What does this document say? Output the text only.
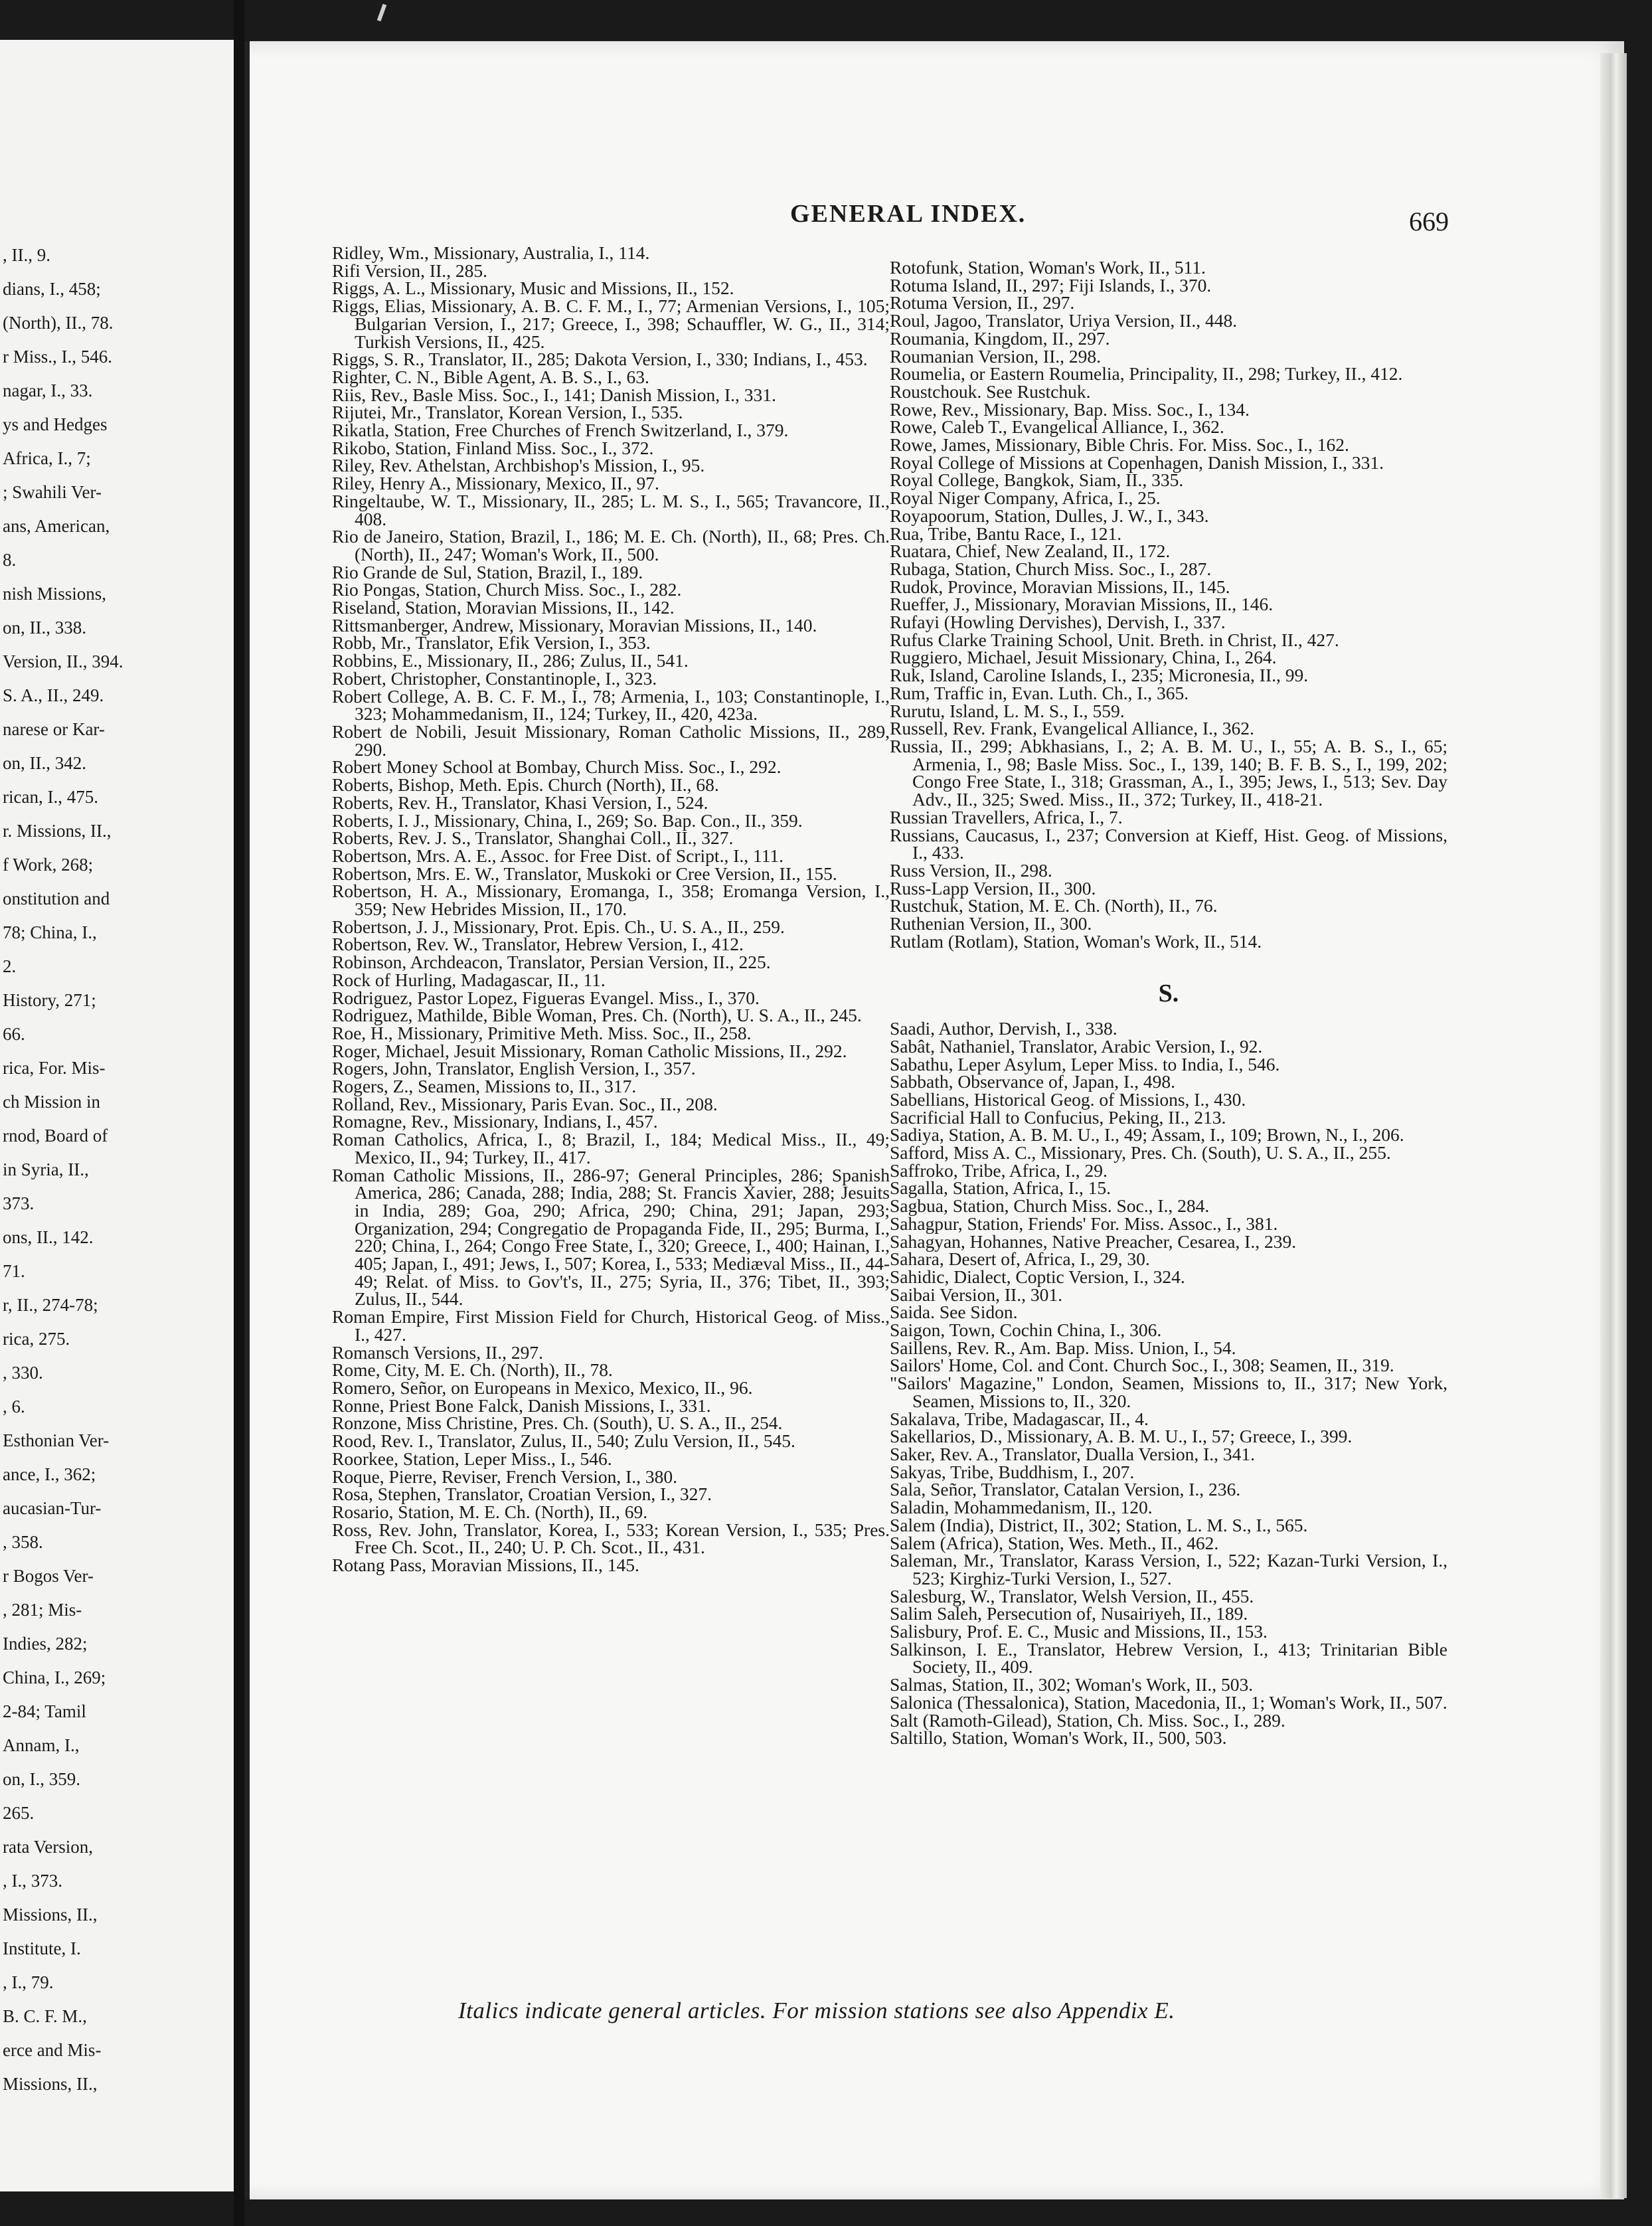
, II., 9.
dians, I., 458;
(North), II., 78.
r Miss., I., 546.
nagar, I., 33.
ys and Hedges
Africa, I., 7;
; Swahili Ver-
ans, American,
8.
nish Missions,
on, II., 338.
Version, II., 394.
S. A., II., 249.
narese or Kar-
on, II., 342.
rican, I., 475.
r. Missions, II.,
f Work, 268;
onstitution and
78; China, I.,
2.
History, 271;
66.
rica, For. Mis-
ch Mission in
rnod, Board of
in Syria, II.,
373.
ons, II., 142.
71.
r, II., 274-78;
rica, 275.
, 330.
, 6.
Esthonian Ver-
ance, I., 362;
aucasian-Tur-
, 358.
r Bogos Ver-
, 281; Mis-
Indies, 282;
China, I., 269;
2-84; Tamil
Annam, I.,
on, I., 359.
265.
rata Version,
, I., 373.
Missions, II.,
Institute, I.
, I., 79.
B. C. F. M.,
erce and Mis-
Missions, II.,
GENERAL INDEX.	669

Ridley, Wm., Missionary, Australia, I., 114.

Rifi Version, II., 285.

Riggs, A. L., Missionary, Music and Missions, II., 152.

Riggs, Elias, Missionary, A. B. C. F. M., I., 77; Armenian Versions, I., 105; Bulgarian Version, I., 217; Greece, I., 398; Schauffler, W. G., II., 314; Turkish Versions, II., 425.

Riggs, S. R., Translator, II., 285; Dakota Version, I., 330; Indians, I., 453.

Righter, C. N., Bible Agent, A. B. S., I., 63.

Riis, Rev., Basle Miss. Soc., I., 141; Danish Mission, I., 331.

Rijutei, Mr., Translator, Korean Version, I., 535.

Rikatla, Station, Free Churches of French Switzerland, I., 379.

Rikobo, Station, Finland Miss. Soc., I., 372.

Riley, Rev. Athelstan, Archbishop's Mission, I., 95.

Riley, Henry A., Missionary, Mexico, II., 97.

Ringeltaube, W. T., Missionary, II., 285; L. M. S., I., 565; Travancore, II., 408.

Rio de Janeiro, Station, Brazil, I., 186; M. E. Ch. (North), II., 68; Pres. Ch. (North), II., 247; Woman's Work, II., 500.

Rio Grande de Sul, Station, Brazil, I., 189.

Rio Pongas, Station, Church Miss. Soc., I., 282.

Riseland, Station, Moravian Missions, II., 142.

Rittsmanberger, Andrew, Missionary, Moravian Missions, II., 140.

Robb, Mr., Translator, Efik Version, I., 353.

Robbins, E., Missionary, II., 286; Zulus, II., 541.

Robert, Christopher, Constantinople, I., 323.

Robert College, A. B. C. F. M., I., 78; Armenia, I., 103; Constantinople, I., 323; Mohammedanism, II., 124; Turkey, II., 420, 423a.

Robert de Nobili, Jesuit Missionary, Roman Catholic Missions, II., 289, 290.

Robert Money School at Bombay, Church Miss. Soc., I., 292.

Roberts, Bishop, Meth. Epis. Church (North), II., 68.

Roberts, Rev. H., Translator, Khasi Version, I., 524.

Roberts, I. J., Missionary, China, I., 269; So. Bap. Con., II., 359.

Roberts, Rev. J. S., Translator, Shanghai Coll., II., 327.

Robertson, Mrs. A. E., Assoc. for Free Dist. of Script., I., 111.

Robertson, Mrs. E. W., Translator, Muskoki or Cree Version, II., 155.

Robertson, H. A., Missionary, Eromanga, I., 358; Eromanga Version, I., 359; New Hebrides Mission, II., 170.

Robertson, J. J., Missionary, Prot. Epis. Ch., U. S. A., II., 259.

Robertson, Rev. W., Translator, Hebrew Version, I., 412.

Robinson, Archdeacon, Translator, Persian Version, II., 225.

Rock of Hurling, Madagascar, II., 11.

Rodriguez, Pastor Lopez, Figueras Evangel. Miss., I., 370.

Rodriguez, Mathilde, Bible Woman, Pres. Ch. (North), U. S. A., II., 245.

Roe, H., Missionary, Primitive Meth. Miss. Soc., II., 258.

Roger, Michael, Jesuit Missionary, Roman Catholic Missions, II., 292.

Rogers, John, Translator, English Version, I., 357.

Rogers, Z., Seamen, Missions to, II., 317.

Rolland, Rev., Missionary, Paris Evan. Soc., II., 208.

Romagne, Rev., Missionary, Indians, I., 457.

Roman Catholics, Africa, I., 8; Brazil, I., 184; Medical Miss., II., 49; Mexico, II., 94; Turkey, II., 417.

Roman Catholic Missions, II., 286-97; General Principles, 286; Spanish America, 286; Canada, 288; India, 288; St. Francis Xavier, 288; Jesuits in India, 289; Goa, 290; Africa, 290; China, 291; Japan, 293; Organization, 294; Congregatio de Propaganda Fide, II., 295; Burma, I., 220; China, I., 264; Congo Free State, I., 320; Greece, I., 400; Hainan, I., 405; Japan, I., 491; Jews, I., 507; Korea, I., 533; Mediæval Miss., II., 44-49; Relat. of Miss. to Gov't's, II., 275; Syria, II., 376; Tibet, II., 393; Zulus, II., 544.

Roman Empire, First Mission Field for Church, Historical Geog. of Miss., I., 427.

Romansch Versions, II., 297.

Rome, City, M. E. Ch. (North), II., 78.

Romero, Señor, on Europeans in Mexico, Mexico, II., 96.

Ronne, Priest Bone Falck, Danish Missions, I., 331.

Ronzone, Miss Christine, Pres. Ch. (South), U. S. A., II., 254.

Rood, Rev. I., Translator, Zulus, II., 540; Zulu Version, II., 545.

Roorkee, Station, Leper Miss., I., 546.

Roque, Pierre, Reviser, French Version, I., 380.

Rosa, Stephen, Translator, Croatian Version, I., 327.

Rosario, Station, M. E. Ch. (North), II., 69.

Ross, Rev. John, Translator, Korea, I., 533; Korean Version, I., 535; Pres. Free Ch. Scot., II., 240; U. P. Ch. Scot., II., 431.

Rotang Pass, Moravian Missions, II., 145.

Rotofunk, Station, Woman's Work, II., 511.

Rotuma Island, II., 297; Fiji Islands, I., 370.

Rotuma Version, II., 297.

Roul, Jagoo, Translator, Uriya Version, II., 448.

Roumania, Kingdom, II., 297.

Roumanian Version, II., 298.

Roumelia, or Eastern Roumelia, Principality, II., 298; Turkey, II., 412.

Roustchouk. See Rustchuk.

Rowe, Rev., Missionary, Bap. Miss. Soc., I., 134.

Rowe, Caleb T., Evangelical Alliance, I., 362.

Rowe, James, Missionary, Bible Chris. For. Miss. Soc., I., 162.

Royal College of Missions at Copenhagen, Danish Mission, I., 331.

Royal College, Bangkok, Siam, II., 335.

Royal Niger Company, Africa, I., 25.

Royapoorum, Station, Dulles, J. W., I., 343.

Rua, Tribe, Bantu Race, I., 121.

Ruatara, Chief, New Zealand, II., 172.

Rubaga, Station, Church Miss. Soc., I., 287.

Rudok, Province, Moravian Missions, II., 145.

Rueffer, J., Missionary, Moravian Missions, II., 146.

Rufayi (Howling Dervishes), Dervish, I., 337.

Rufus Clarke Training School, Unit. Breth. in Christ, II., 427.

Ruggiero, Michael, Jesuit Missionary, China, I., 264.

Ruk, Island, Caroline Islands, I., 235; Micronesia, II., 99.

Rum, Traffic in, Evan. Luth. Ch., I., 365.

Rurutu, Island, L. M. S., I., 559.

Russell, Rev. Frank, Evangelical Alliance, I., 362.

Russia, II., 299; Abkhasians, I., 2; A. B. M. U., I., 55; A. B. S., I., 65; Armenia, I., 98; Basle Miss. Soc., I., 139, 140; B. F. B. S., I., 199, 202; Congo Free State, I., 318; Grassman, A., I., 395; Jews, I., 513; Sev. Day Adv., II., 325; Swed. Miss., II., 372; Turkey, II., 418-21.

Russian Travellers, Africa, I., 7.

Russians, Caucasus, I., 237; Conversion at Kieff, Hist. Geog. of Missions, I., 433.

Russ Version, II., 298.

Russ-Lapp Version, II., 300.

Rustchuk, Station, M. E. Ch. (North), II., 76.

Ruthenian Version, II., 300.

Rutlam (Rotlam), Station, Woman's Work, II., 514.

S.

Saadi, Author, Dervish, I., 338.

Sabât, Nathaniel, Translator, Arabic Version, I., 92.

Sabathu, Leper Asylum, Leper Miss. to India, I., 546.

Sabbath, Observance of, Japan, I., 498.

Sabellians, Historical Geog. of Missions, I., 430.

Sacrificial Hall to Confucius, Peking, II., 213.

Sadiya, Station, A. B. M. U., I., 49; Assam, I., 109; Brown, N., I., 206.

Safford, Miss A. C., Missionary, Pres. Ch. (South), U. S. A., II., 255.

Saffroko, Tribe, Africa, I., 29.

Sagalla, Station, Africa, I., 15.

Sagbua, Station, Church Miss. Soc., I., 284.

Sahagpur, Station, Friends' For. Miss. Assoc., I., 381.

Sahagyan, Hohannes, Native Preacher, Cesarea, I., 239.

Sahara, Desert of, Africa, I., 29, 30.

Sahidic, Dialect, Coptic Version, I., 324.

Saibai Version, II., 301.

Saida. See Sidon.

Saigon, Town, Cochin China, I., 306.

Saillens, Rev. R., Am. Bap. Miss. Union, I., 54.

Sailors' Home, Col. and Cont. Church Soc., I., 308; Seamen, II., 319.

"Sailors' Magazine," London, Seamen, Missions to, II., 317; New York, Seamen, Missions to, II., 320.

Sakalava, Tribe, Madagascar, II., 4.

Sakellarios, D., Missionary, A. B. M. U., I., 57; Greece, I., 399.

Saker, Rev. A., Translator, Dualla Version, I., 341.

Sakyas, Tribe, Buddhism, I., 207.

Sala, Señor, Translator, Catalan Version, I., 236.

Saladin, Mohammedanism, II., 120.

Salem (India), District, II., 302; Station, L. M. S., I., 565.

Salem (Africa), Station, Wes. Meth., II., 462.

Saleman, Mr., Translator, Karass Version, I., 522; Kazan-Turki Version, I., 523; Kirghiz-Turki Version, I., 527.

Salesburg, W., Translator, Welsh Version, II., 455.

Salim Saleh, Persecution of, Nusairiyeh, II., 189.

Salisbury, Prof. E. C., Music and Missions, II., 153.

Salkinson, I. E., Translator, Hebrew Version, I., 413; Trinitarian Bible Society, II., 409.

Salmas, Station, II., 302; Woman's Work, II., 503.

Salonica (Thessalonica), Station, Macedonia, II., 1; Woman's Work, II., 507.

Salt (Ramoth-Gilead), Station, Ch. Miss. Soc., I., 289.

Saltillo, Station, Woman's Work, II., 500, 503.

Italics indicate general articles. For mission stations see also Appendix E.
